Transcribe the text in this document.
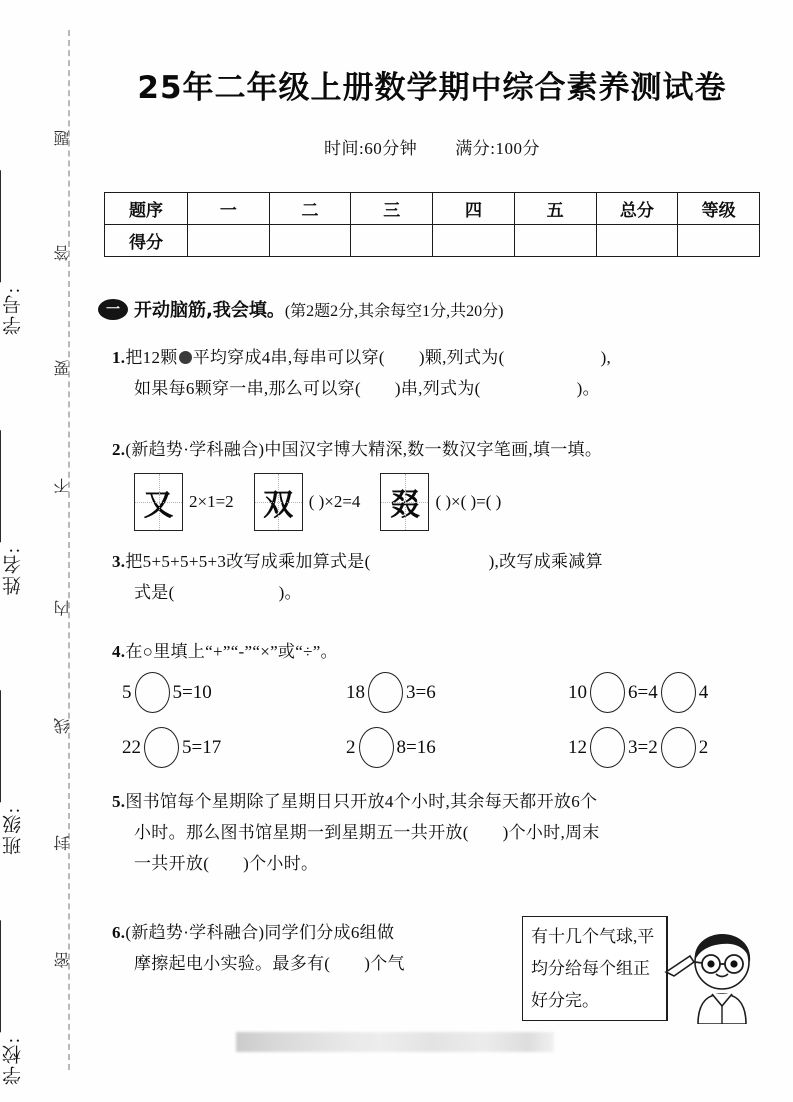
学号:
姓名:
班级:
学校:
题
答
要
不
内
线
封
密
25年二年级上册数学期中综合素养测试卷
时间:60分钟 满分:100分
题序	一	二	三	四	五	总分	等级
得分							
一 开动脑筋,我会填。 (第2题2分,其余每空1分,共20分)
1.把12颗 平均穿成4串,每串可以穿( )颗,列式为(	),
如果每6颗穿一串,那么可以穿( )串,列式为(	)。
2.(新趋势·学科融合)中国汉字博大精深,数一数汉字笔画,填一填。
又 2×1=2 双 ( )×2=4 叕 ( )×( )=( )
3.把5+5+5+5+3改写成乘加算式是(	),改写成乘减算
式是(	)。
4.在○里填上“+”“-”“×”或“÷”。
5 5=10	18 3=6	10 6=4 4
22 5=17	2 8=16	12 3=2 2
5.图书馆每个星期除了星期日只开放4个小时,其余每天都开放6个
小时。那么图书馆星期一到星期五一共开放( )个小时,周末
一共开放( )个小时。
6.(新趋势·学科融合)同学们分成6组做
摩擦起电小实验。最多有( )个气
有十几个气球,平
均分给每个组正
好分完。
